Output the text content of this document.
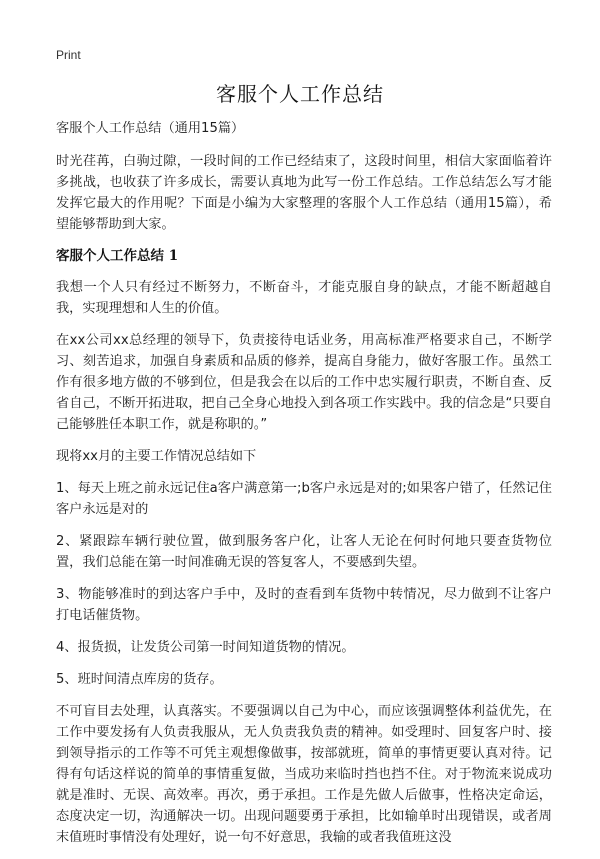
Print
客服个人工作总结

客服个人工作总结（通用15篇）

时光荏苒，白驹过隙，一段时间的工作已经结束了，这段时间里，相信大家面临着许多挑战，也收获了许多成长，需要认真地为此写一份工作总结。工作总结怎么写才能发挥它最大的作用呢？下面是小编为大家整理的客服个人工作总结（通用15篇），希望能够帮助到大家。

客服个人工作总结 1

我想一个人只有经过不断努力，不断奋斗，才能克服自身的缺点，才能不断超越自我，实现理想和人生的价值。

在xx公司xx总经理的领导下，负责接待电话业务，用高标准严格要求自己，不断学习、刻苦追求，加强自身素质和品质的修养，提高自身能力，做好客服工作。虽然工作有很多地方做的不够到位，但是我会在以后的工作中忠实履行职责，不断自查、反省自己，不断开拓进取，把自己全身心地投入到各项工作实践中。我的信念是“只要自己能够胜任本职工作，就是称职的。”

现将xx月的主要工作情况总结如下

1、每天上班之前永远记住a客户满意第一;b客户永远是对的;如果客户错了，任然记住客户永远是对的

2、紧跟踪车辆行驶位置，做到服务客户化，让客人无论在何时何地只要查货物位置，我们总能在第一时间准确无误的答复客人，不要感到失望。

3、物能够准时的到达客户手中，及时的查看到车货物中转情况，尽力做到不让客户打电话催货物。

4、报货损，让发货公司第一时间知道货物的情况。

5、班时间清点库房的货存。

不可盲目去处理，认真落实。不要强调以自己为中心，而应该强调整体利益优先，在工作中要发扬有人负责我服从，无人负责我负责的精神。如受理时、回复客户时、接到领导指示的工作等不可凭主观想像做事，按部就班，简单的事情更要认真对待。记得有句话这样说的简单的事情重复做，当成功来临时挡也挡不住。对于物流来说成功就是准时、无误、高效率。再次，勇于承担。工作是先做人后做事，性格决定命运，态度决定一切，沟通解决一切。出现问题要勇于承担，比如输单时出现错误，或者周末值班时事情没有处理好，说一句不好意思，我输的或者我值班这没
